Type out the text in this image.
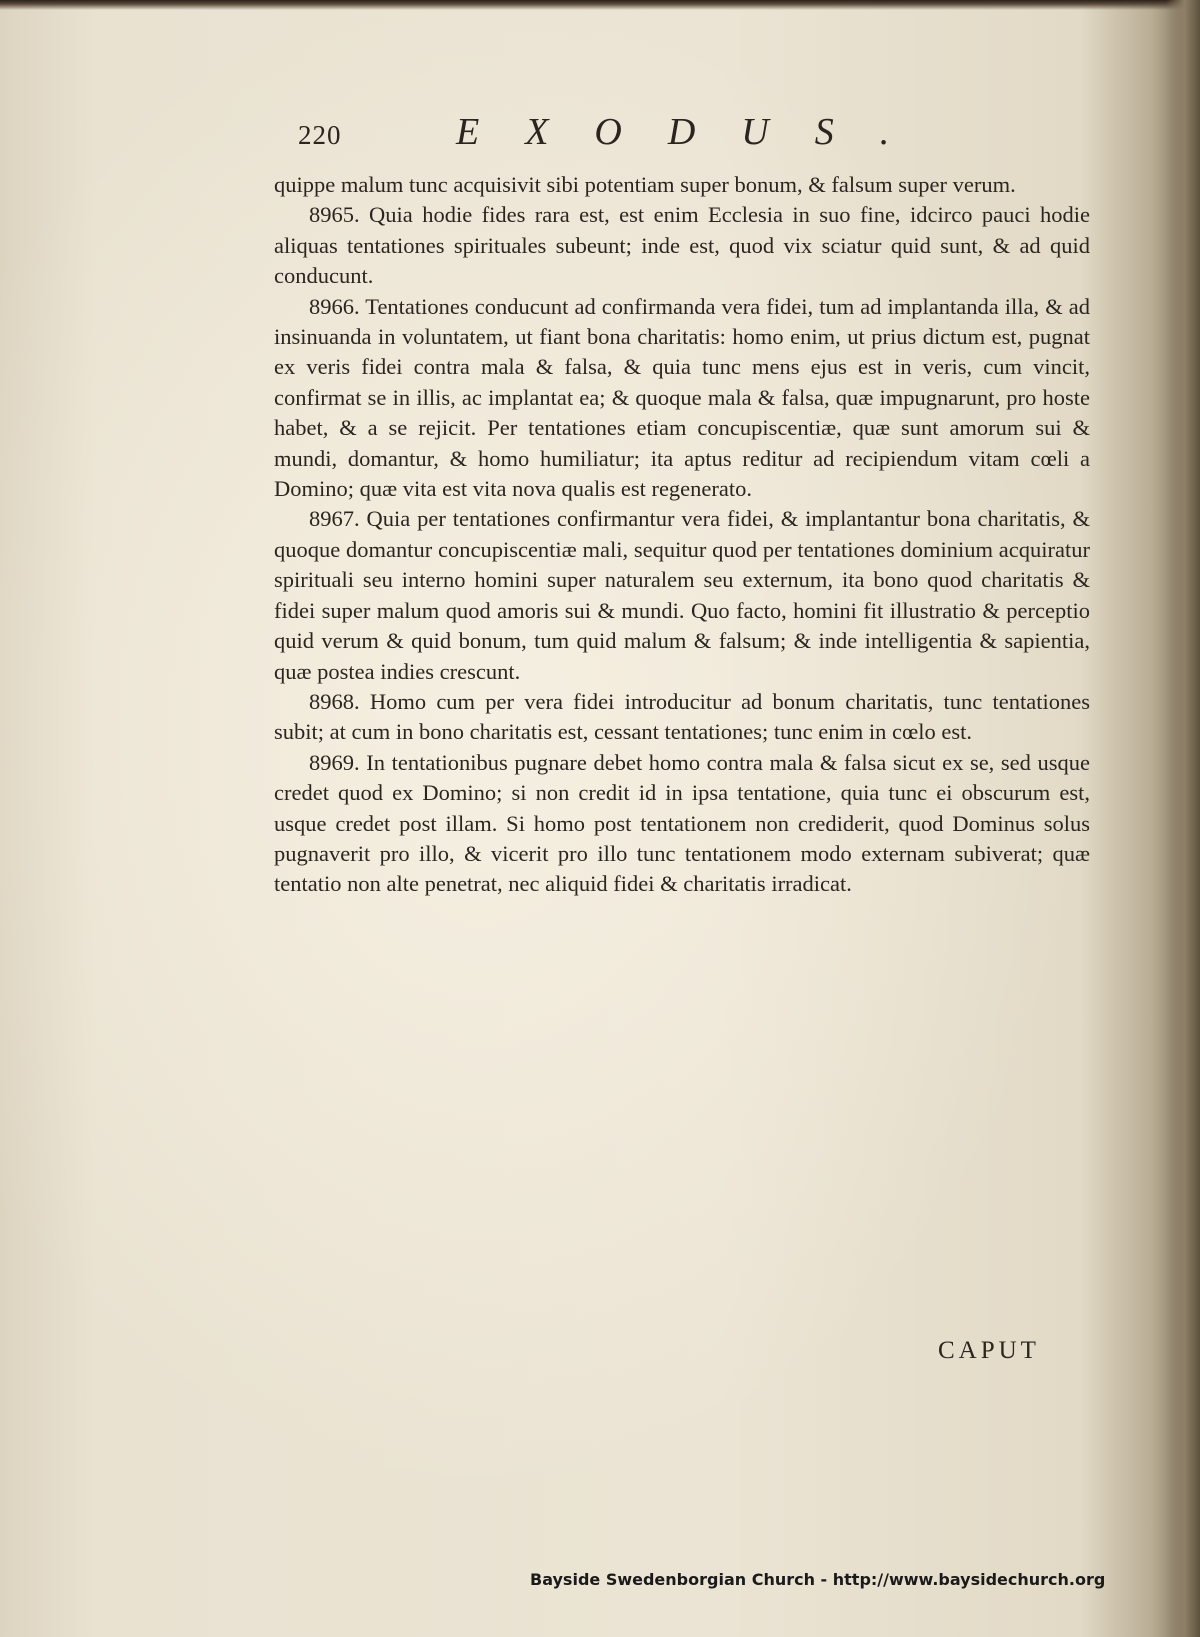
220	EXODUS.

quippe malum tunc acquisivit sibi potentiam super bonum, & falsum super verum.

8965. Quia hodie fides rara est, est enim Ecclesia in suo fine, idcirco pauci hodie aliquas tentationes spirituales subeunt; inde est, quod vix sciatur quid sunt, & ad quid conducunt.

8966. Tentationes conducunt ad confirmanda vera fidei, tum ad implantanda illa, & ad insinuanda in voluntatem, ut fiant bona charitatis: homo enim, ut prius dictum est, pugnat ex veris fidei contra mala & falsa, & quia tunc mens ejus est in veris, cum vincit, confirmat se in illis, ac implantat ea; & quoque mala & falsa, quæ impugnarunt, pro hoste habet, & a se rejicit. Per tentationes etiam concupiscentiæ, quæ sunt amorum sui & mundi, domantur, & homo humiliatur; ita aptus reditur ad recipiendum vitam cœli a Domino; quæ vita est vita nova qualis est regenerato.

8967. Quia per tentationes confirmantur vera fidei, & implantantur bona charitatis, & quoque domantur concupiscentiæ mali, sequitur quod per tentationes dominium acquiratur spirituali seu interno homini super naturalem seu externum, ita bono quod charitatis & fidei super malum quod amoris sui & mundi. Quo facto, homini fit illustratio & perceptio quid verum & quid bonum, tum quid malum & falsum; & inde intelligentia & sapientia, quæ postea indies crescunt.

8968. Homo cum per vera fidei introducitur ad bonum charitatis, tunc tentationes subit; at cum in bono charitatis est, cessant tentationes; tunc enim in cœlo est.

8969. In tentationibus pugnare debet homo contra mala & falsa sicut ex se, sed usque credet quod ex Domino; si non credit id in ipsa tentatione, quia tunc ei obscurum est, usque credet post illam. Si homo post tentationem non crediderit, quod Dominus solus pugnaverit pro illo, & vicerit pro illo tunc tentationem modo externam subiverat; quæ tentatio non alte penetrat, nec aliquid fidei & charitatis irradicat.

CAPUT
Bayside Swedenborgian Church - http://www.baysidechurch.org
